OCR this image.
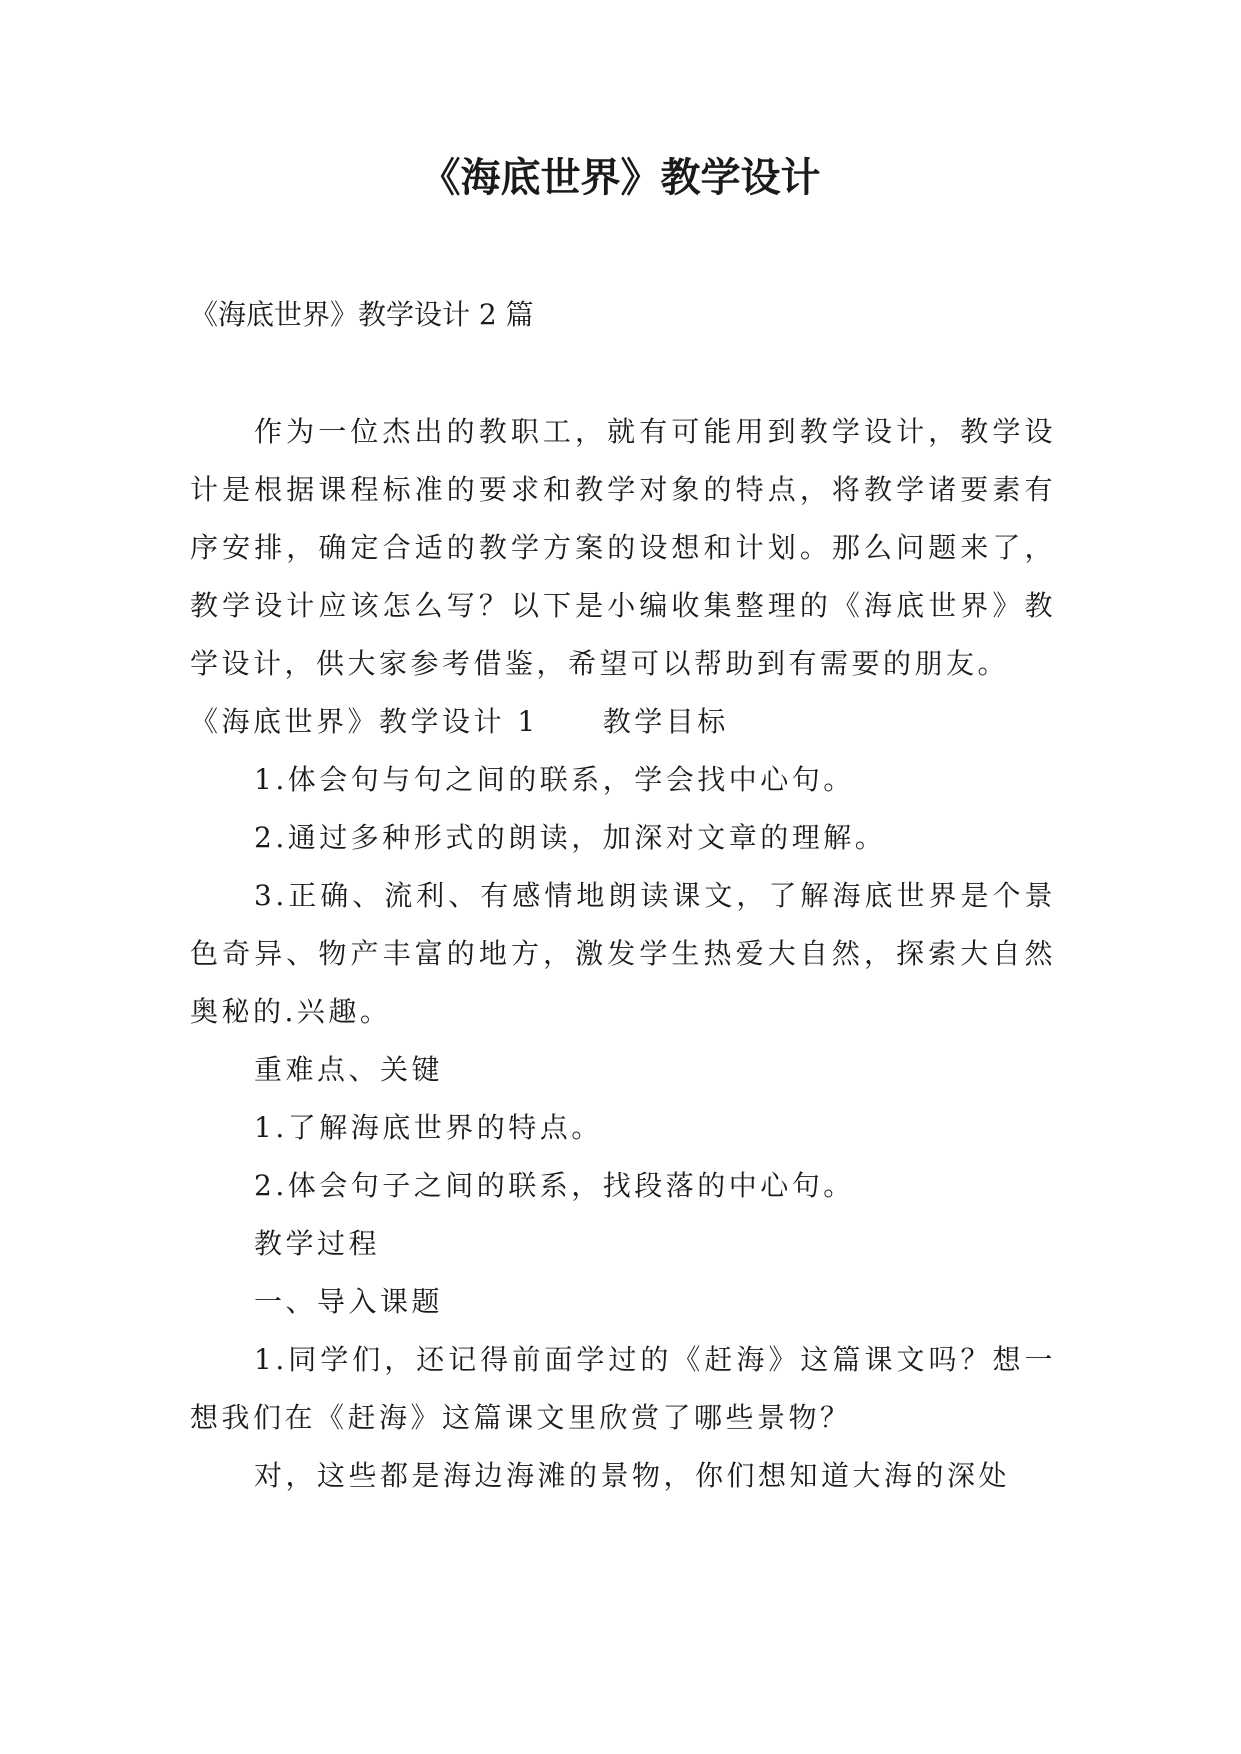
《海底世界》教学设计

《海底世界》教学设计 2 篇

作为一位杰出的教职工，就有可能用到教学设计，教学设计是根据课程标准的要求和教学对象的特点，将教学诸要素有序安排，确定合适的教学方案的设想和计划。那么问题来了，教学设计应该怎么写？以下是小编收集整理的《海底世界》教学设计，供大家参考借鉴，希望可以帮助到有需要的朋友。

《海底世界》教学设计 1 教学目标

1.体会句与句之间的联系，学会找中心句。

2.通过多种形式的朗读，加深对文章的理解。

3.正确、流利、有感情地朗读课文，了解海底世界是个景色奇异、物产丰富的地方，激发学生热爱大自然，探索大自然奥秘的.兴趣。

重难点、关键

1.了解海底世界的特点。

2.体会句子之间的联系，找段落的中心句。

教学过程

一、导入课题

1.同学们，还记得前面学过的《赶海》这篇课文吗？想一想我们在《赶海》这篇课文里欣赏了哪些景物？

对，这些都是海边海滩的景物，你们想知道大海的深处
